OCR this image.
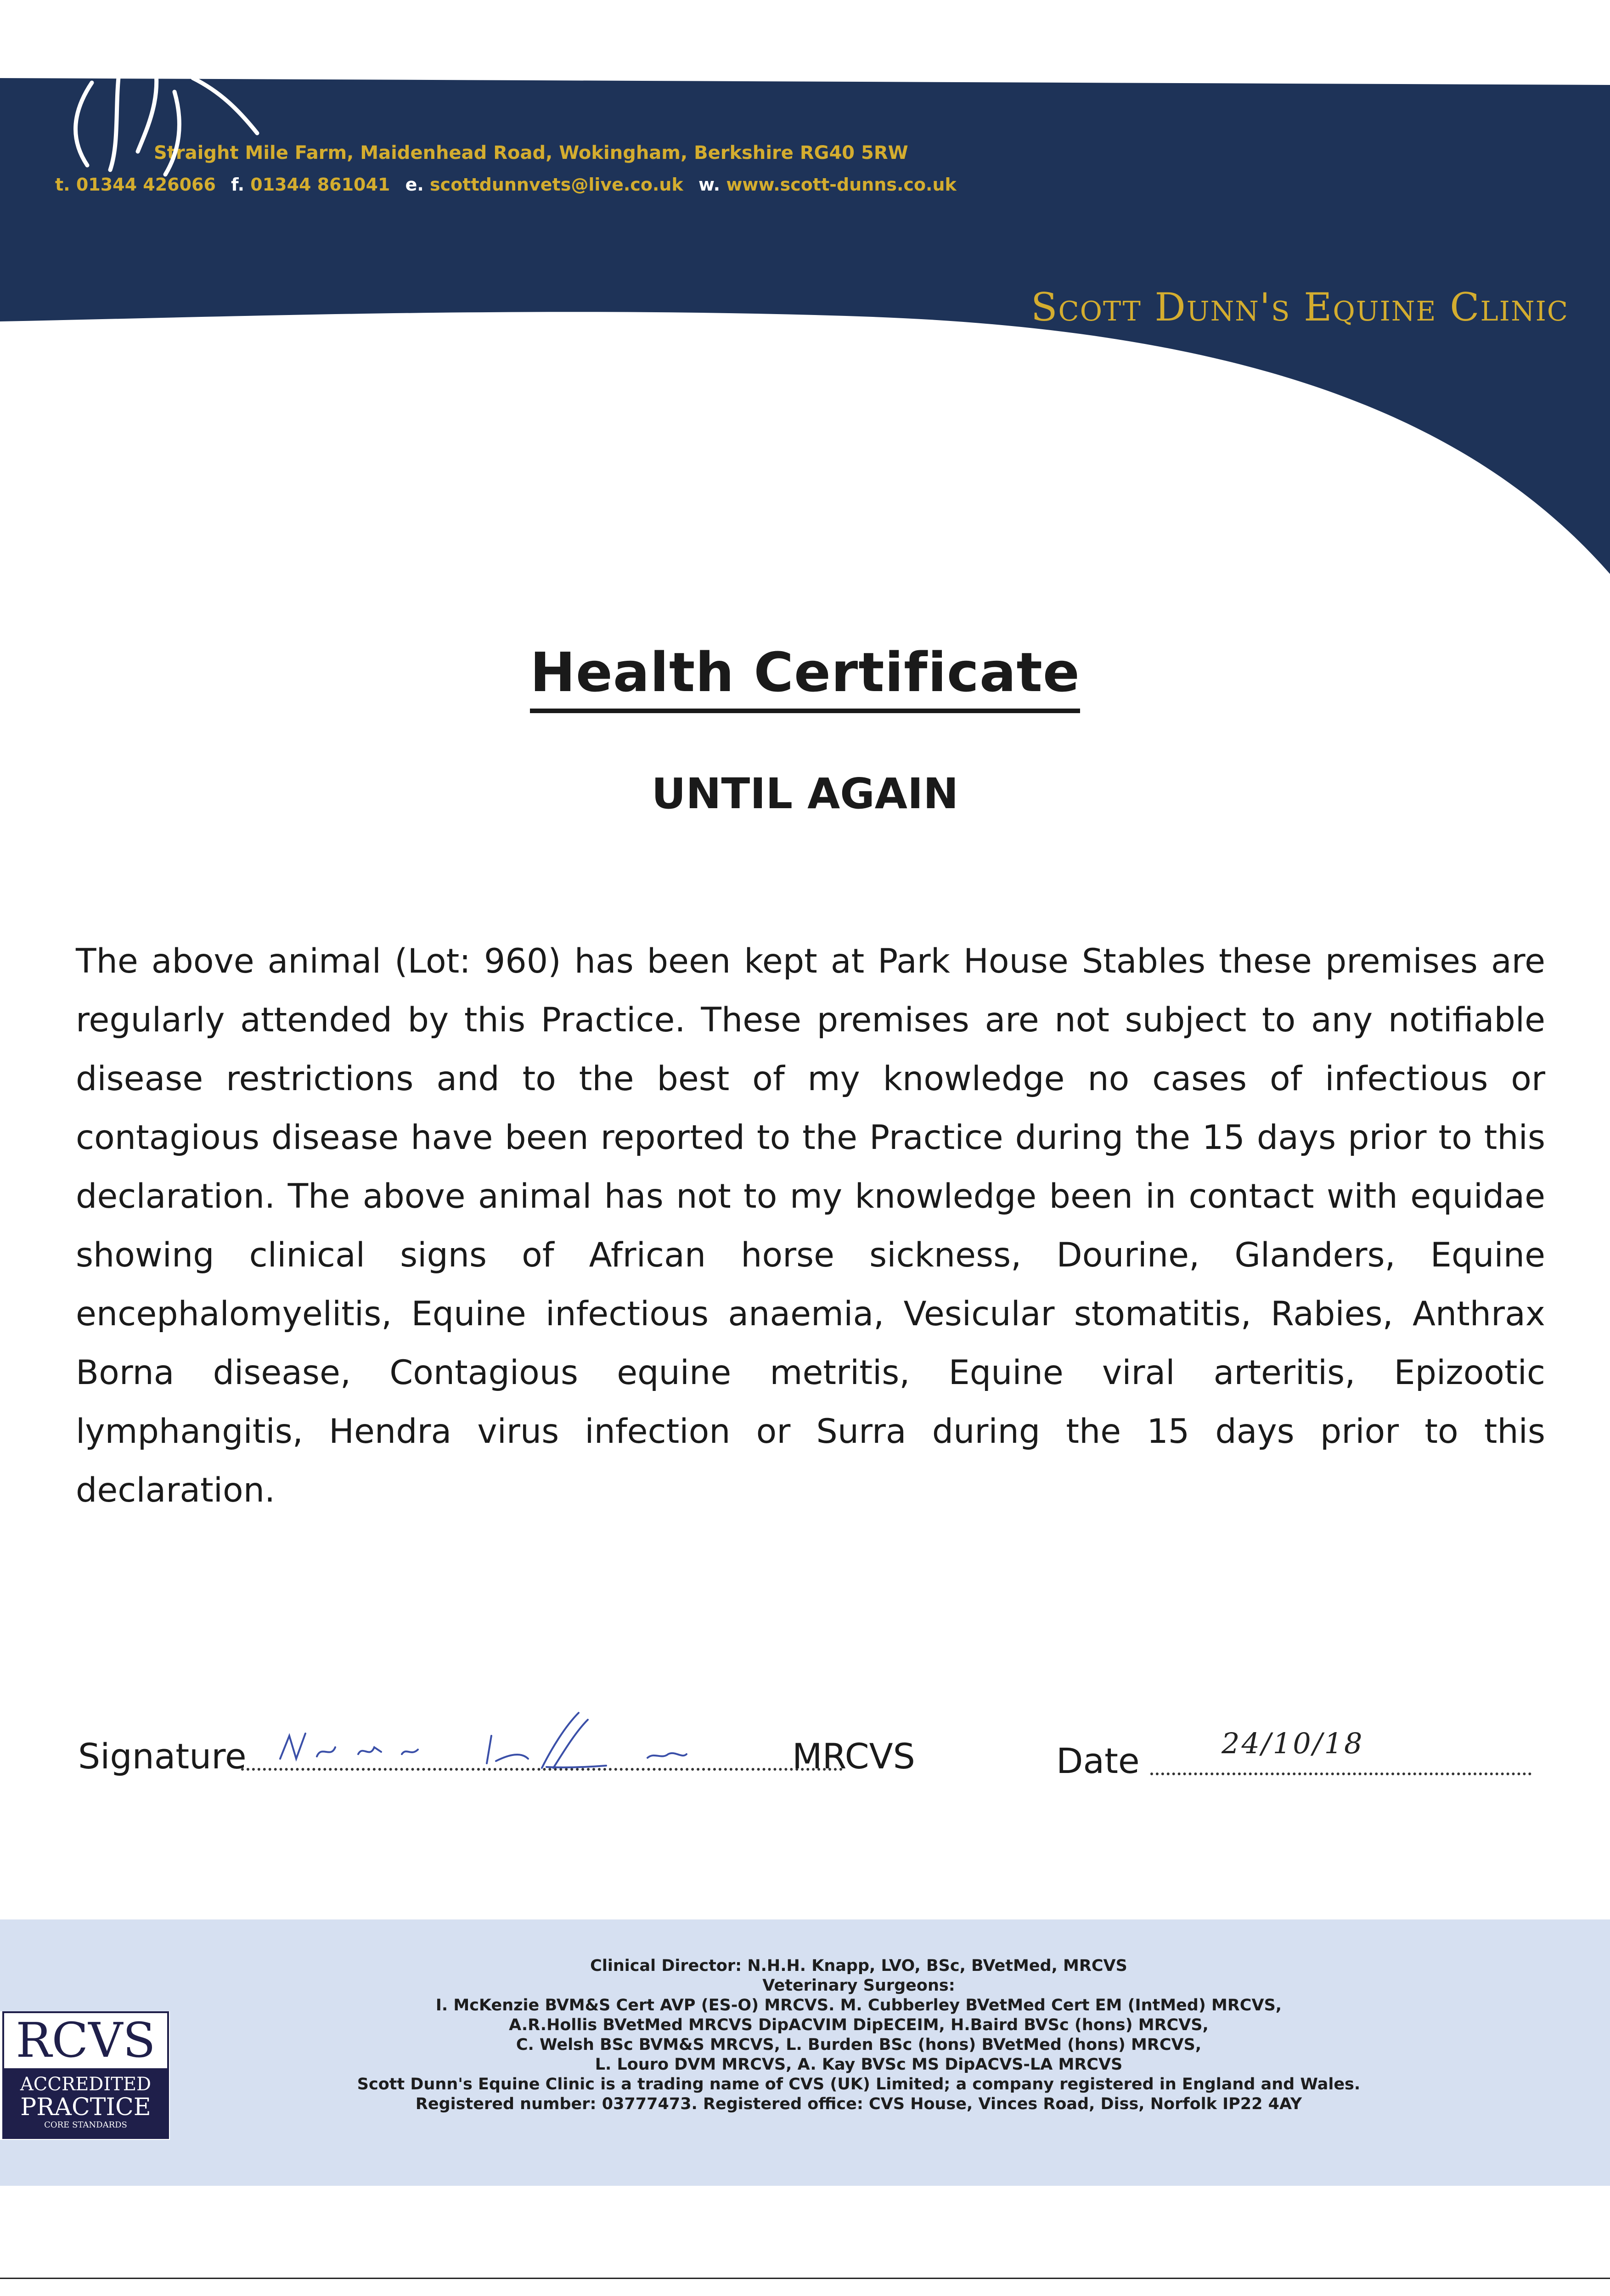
Straight Mile Farm, Maidenhead Road, Wokingham, Berkshire RG40 5RW
t. 01344 426066 f. 01344 861041 e. scottdunnvets@live.co.uk w. www.scott-dunns.co.uk
Scott Dunn's Equine Clinic
Health Certificate
UNTIL AGAIN
The above animal (Lot: 960) has been kept at Park House Stables these premises are regularly attended by this Practice. These premises are not subject to any notifiable disease restrictions and to the best of my knowledge no cases of infectious or contagious disease have been reported to the Practice during the 15 days prior to this declaration. The above animal has not to my knowledge been in contact with equidae showing clinical signs of African horse sickness, Dourine, Glanders, Equine encephalomyelitis, Equine infectious anaemia, Vesicular stomatitis, Rabies, Anthrax Borna disease, Contagious equine metritis, Equine viral arteritis, Epizootic lymphangitis, Hendra virus infection or Surra during the 15 days prior to this declaration.
Signature	MRCVS	Date	24/10/18
RCVS
ACCREDITED
PRACTICE
CORE STANDARDS
Clinical Director: N.H.H. Knapp, LVO, BSc, BVetMed, MRCVS
Veterinary Surgeons:
I. McKenzie BVM&S Cert AVP (ES-O) MRCVS. M. Cubberley BVetMed Cert EM (IntMed) MRCVS,
A.R.Hollis BVetMed MRCVS DipACVIM DipECEIM, H.Baird BVSc (hons) MRCVS,
C. Welsh BSc BVM&S MRCVS, L. Burden BSc (hons) BVetMed (hons) MRCVS,
L. Louro DVM MRCVS, A. Kay BVSc MS DipACVS-LA MRCVS
Scott Dunn's Equine Clinic is a trading name of CVS (UK) Limited; a company registered in England and Wales.
Registered number: 03777473. Registered office: CVS House, Vinces Road, Diss, Norfolk IP22 4AY
